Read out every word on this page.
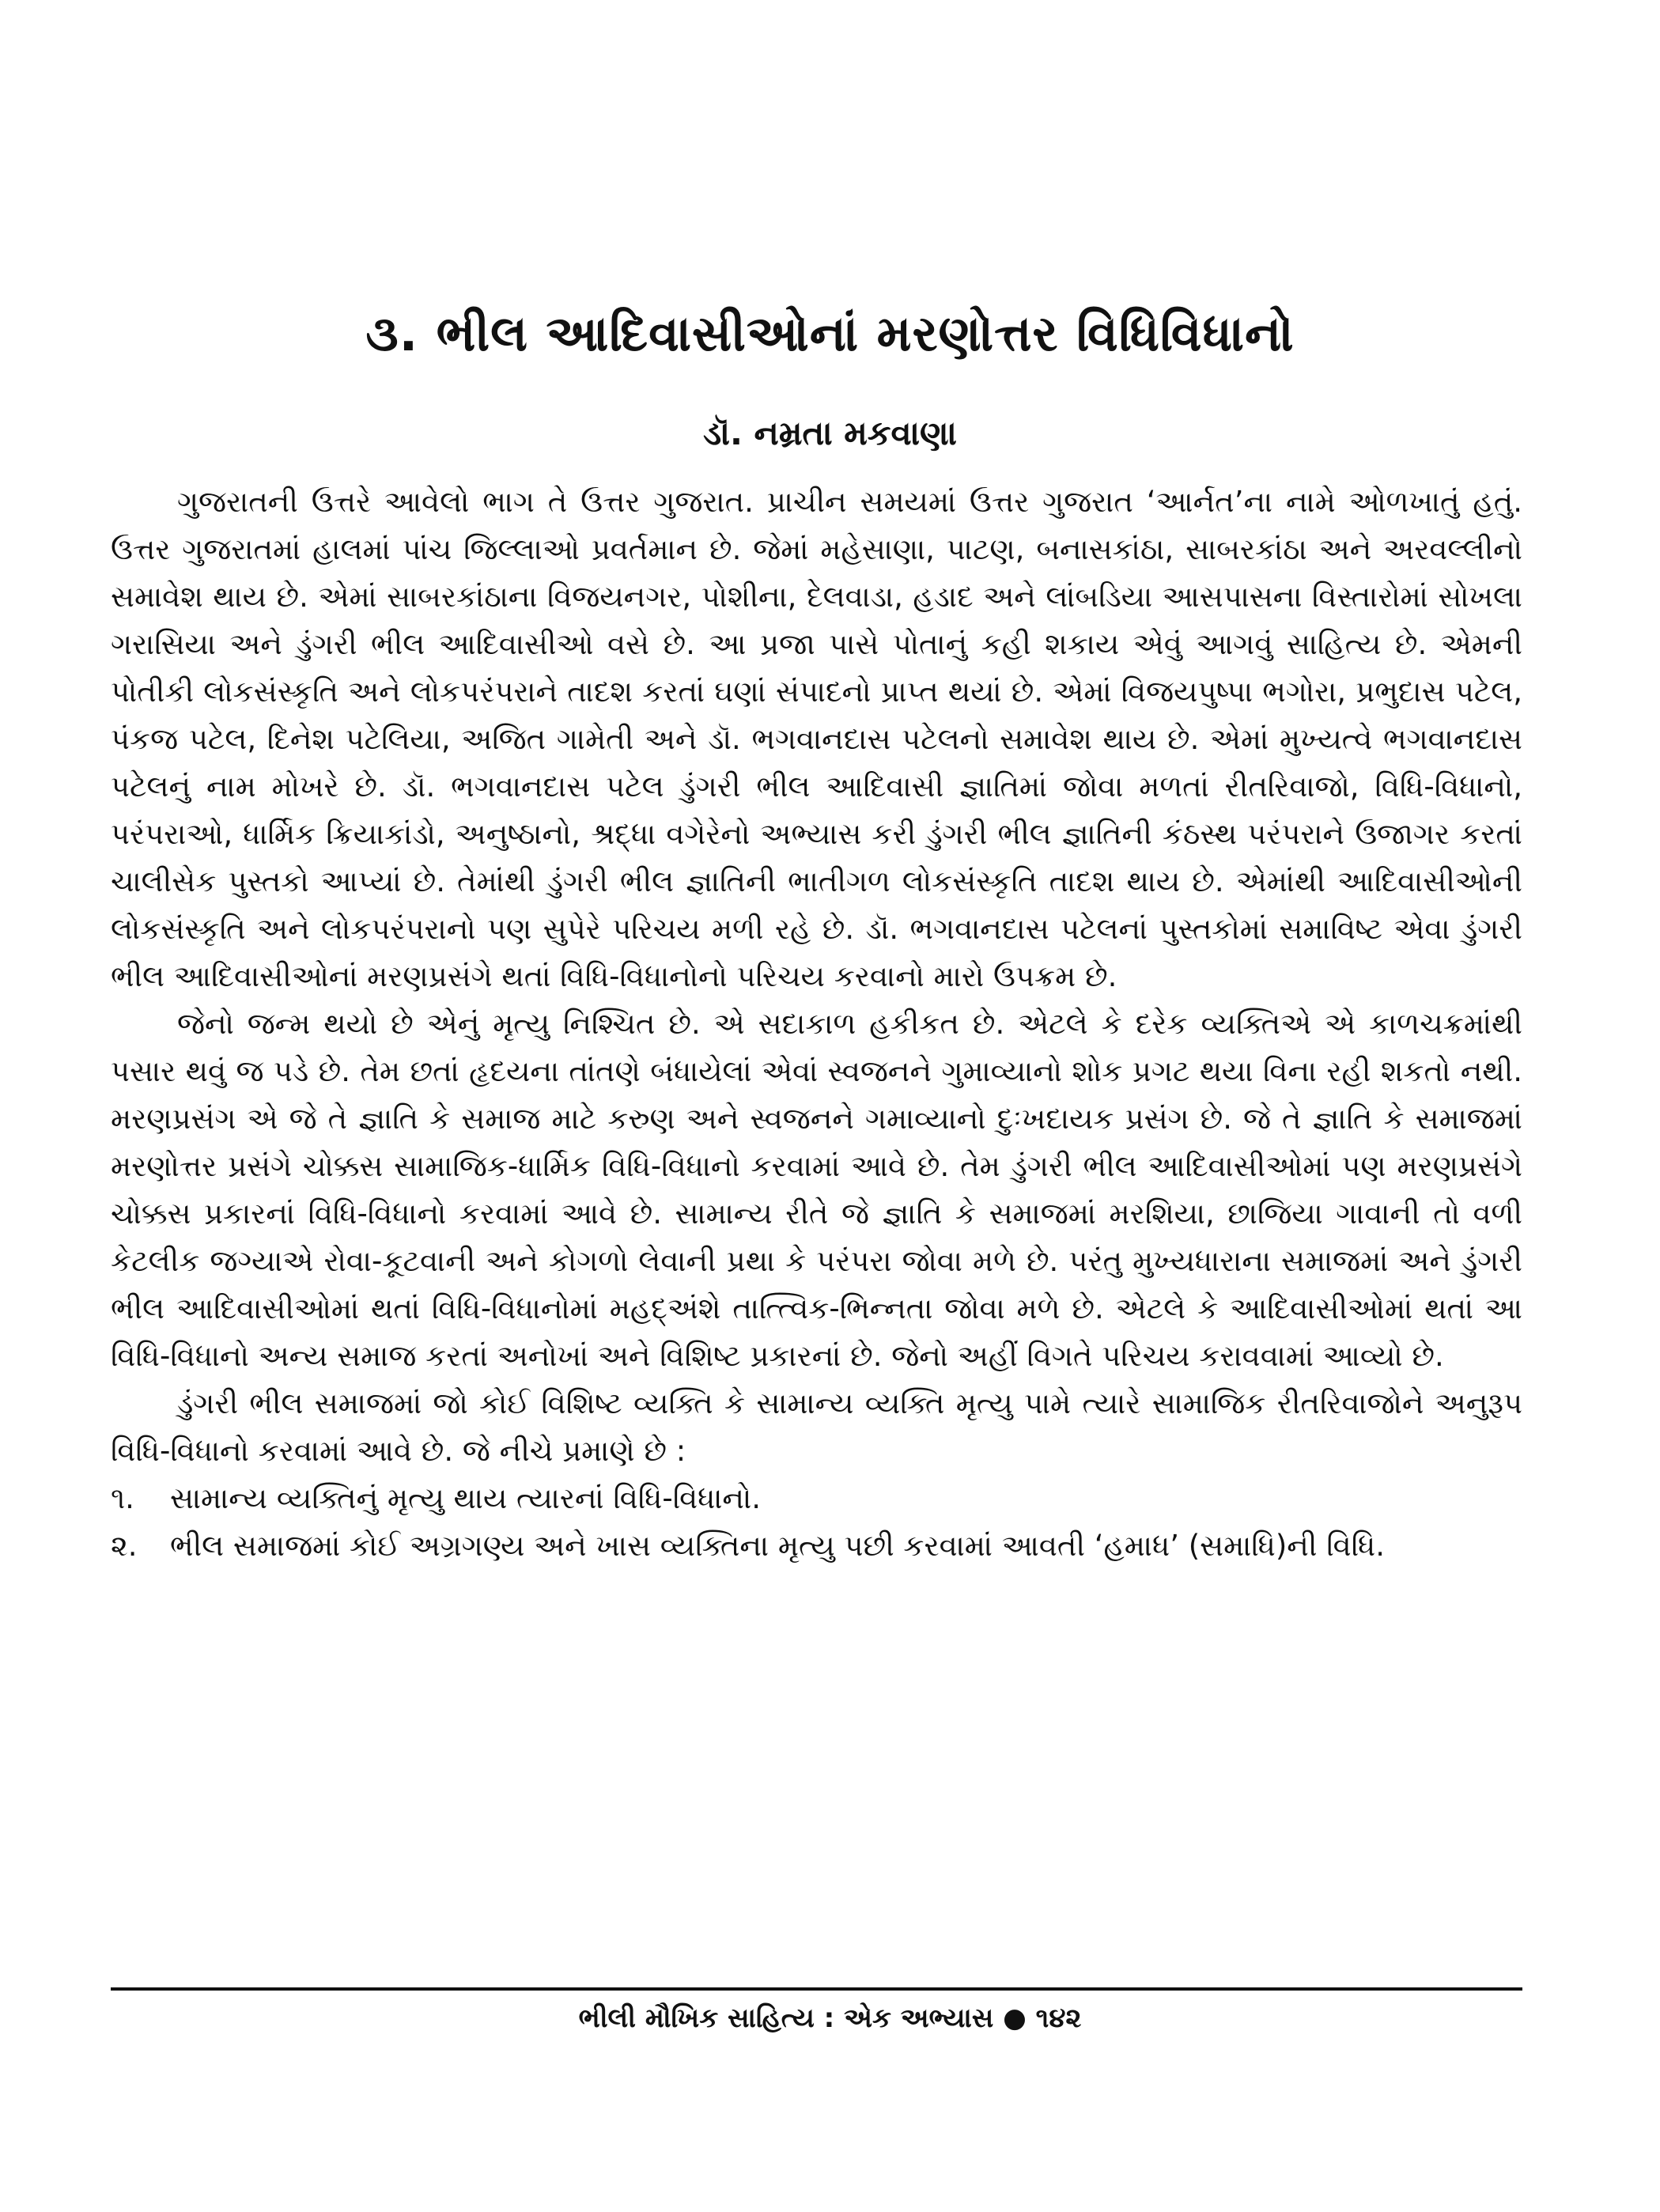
૩. ભીલ આદિવાસીઓનાં મરણોત્તર વિધિવિધાનો
ડૉ. નમ્રતા મકવાણા

ગુજરાતની ઉત્તરે આવેલો ભાગ તે ઉત્તર ગુજરાત. પ્રાચીન સમયમાં ઉત્તર ગુજરાત ‘આર્નત’ના નામે ઓળખાતું હતું. ઉત્તર ગુજરાતમાં હાલમાં પાંચ જિલ્લાઓ પ્રવર્તમાન છે. જેમાં મહેસાણા, પાટણ, બનાસકાંઠા, સાબરકાંઠા અને અરવલ્લીનો સમાવેશ થાય છે. એમાં સાબરકાંઠાના વિજયનગર, પોશીના, દેલવાડા, હડાદ અને લાંબડિયા આસપાસના વિસ્તારોમાં સોખલા ગરાસિયા અને ડુંગરી ભીલ આદિવાસીઓ વસે છે. આ પ્રજા પાસે પોતાનું કહી શકાય એવું આગવું સાહિત્ય છે. એમની પોતીકી લોકસંસ્કૃતિ અને લોકપરંપરાને તાદશ કરતાં ઘણાં સંપાદનો પ્રાપ્ત થયાં છે. એમાં વિજયપુષ્પા ભગોરા, પ્રભુદાસ પટેલ, પંકજ પટેલ, દિનેશ પટેલિયા, અજિત ગામેતી અને ડૉ. ભગવાનદાસ પટેલનો સમાવેશ થાય છે. એમાં મુખ્યત્વે ભગવાનદાસ પટેલનું નામ મોખરે છે. ડૉ. ભગવાનદાસ પટેલ ડુંગરી ભીલ આદિવાસી જ્ઞાતિમાં જોવા મળતાં રીતરિવાજો, વિધિ-વિધાનો, પરંપરાઓ, ધાર્મિક ક્રિયાકાંડો, અનુષ્ઠાનો, શ્રદ્ધા વગેરેનો અભ્યાસ કરી ડુંગરી ભીલ જ્ઞાતિની કંઠસ્થ પરંપરાને ઉજાગર કરતાં ચાલીસેક પુસ્તકો આપ્યાં છે. તેમાંથી ડુંગરી ભીલ જ્ઞાતિની ભાતીગળ લોકસંસ્કૃતિ તાદશ થાય છે. એમાંથી આદિવાસીઓની લોકસંસ્કૃતિ અને લોકપરંપરાનો પણ સુપેરે પરિચય મળી રહે છે. ડૉ. ભગવાનદાસ પટેલનાં પુસ્તકોમાં સમાવિષ્ટ એવા ડુંગરી ભીલ આદિવાસીઓનાં મરણપ્રસંગે થતાં વિધિ-વિધાનોનો પરિચય કરવાનો મારો ઉપક્રમ છે.

જેનો જન્મ થયો છે એનું મૃત્યુ નિશ્ચિત છે. એ સદાકાળ હકીકત છે. એટલે કે દરેક વ્યક્તિએ એ કાળચક્રમાંથી પસાર થવું જ પડે છે. તેમ છતાં હૃદયના તાંતણે બંધાયેલાં એવાં સ્વજનને ગુમાવ્યાનો શોક પ્રગટ થયા વિના રહી શકતો નથી. મરણપ્રસંગ એ જે તે જ્ઞાતિ કે સમાજ માટે કરુણ અને સ્વજનને ગમાવ્યાનો દુઃખદાયક પ્રસંગ છે. જે તે જ્ઞાતિ કે સમાજમાં મરણોત્તર પ્રસંગે ચોક્કસ સામાજિક-ધાર્મિક વિધિ-વિધાનો કરવામાં આવે છે. તેમ ડુંગરી ભીલ આદિવાસીઓમાં પણ મરણપ્રસંગે ચોક્કસ પ્રકારનાં વિધિ-વિધાનો કરવામાં આવે છે. સામાન્ય રીતે જે જ્ઞાતિ કે સમાજમાં મરશિયા, છાજિયા ગાવાની તો વળી કેટલીક જગ્યાએ રોવા-કૂટવાની અને કોગળો લેવાની પ્રથા કે પરંપરા જોવા મળે છે. પરંતુ મુખ્યધારાના સમાજમાં અને ડુંગરી ભીલ આદિવાસીઓમાં થતાં વિધિ-વિધાનોમાં મહદ્અંશે તાત્ત્વિક-ભિન્નતા જોવા મળે છે. એટલે કે આદિવાસીઓમાં થતાં આ વિધિ-વિધાનો અન્ય સમાજ કરતાં અનોખાં અને વિશિષ્ટ પ્રકારનાં છે. જેનો અહીં વિગતે પરિચય કરાવવામાં આવ્યો છે.

ડુંગરી ભીલ સમાજમાં જો કોઈ વિશિષ્ટ વ્યક્તિ કે સામાન્ય વ્યક્તિ મૃત્યુ પામે ત્યારે સામાજિક રીતરિવાજોને અનુરૂપ વિધિ-વિધાનો કરવામાં આવે છે. જે નીચે પ્રમાણે છે :

૧.	સામાન્ય વ્યક્તિનું મૃત્યુ થાય ત્યારનાં વિધિ-વિધાનો.
૨.	ભીલ સમાજમાં કોઈ અગ્રગણ્ય અને ખાસ વ્યક્તિના મૃત્યુ પછી કરવામાં આવતી ‘હમાધ’ (સમાધિ)ની વિધિ.
ભીલી મૌખિક સાહિત્ય : એક અભ્યાસ ● ૧૪૨
